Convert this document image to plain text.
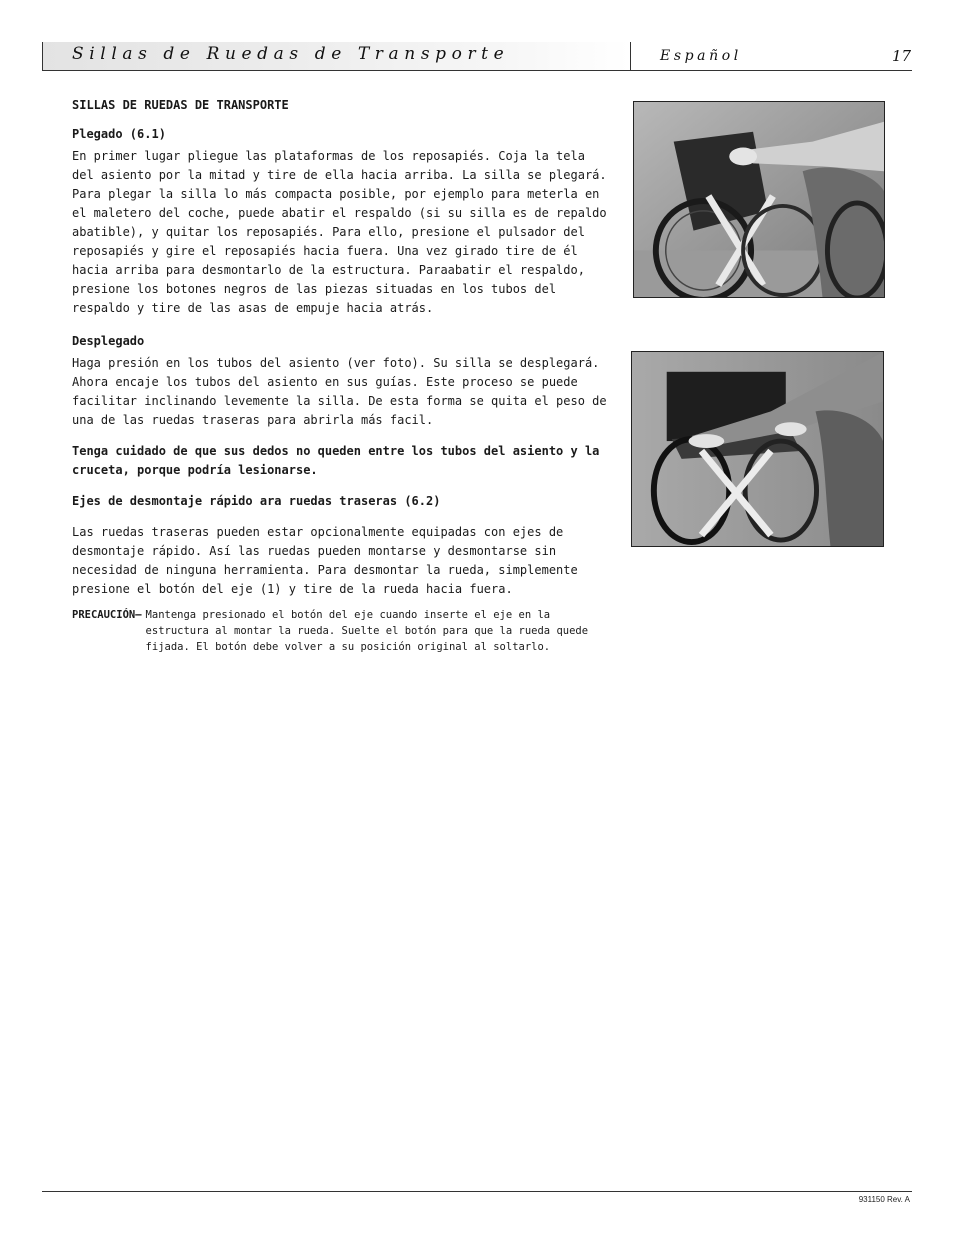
Sillas de Ruedas de Transporte	Español	17
SILLAS DE RUEDAS DE TRANSPORTE
Plegado (6.1)
En primer lugar pliegue las plataformas de los reposapiés. Coja la tela del asiento por la mitad y tire de ella hacia arriba. La silla se plegará. Para plegar la silla lo más compacta posible, por ejemplo para meterla en el maletero del coche, puede abatir el respaldo (si su silla es de repaldo abatible), y quitar los reposapiés. Para ello, presione el pulsador del reposapiés y gire el reposapiés hacia fuera. Una vez girado tire de él hacia arriba para desmontarlo de la estructura. Paraabatir el respaldo, presione los botones negros de las piezas situadas en los tubos del respaldo y tire de las asas de empuje hacia atrás.
Desplegado
Haga presión en los tubos del asiento (ver foto). Su silla se desplegará. Ahora encaje los tubos del asiento en sus guías. Este proceso se puede facilitar inclinando levemente la silla. De esta forma se quita el peso de una de las ruedas traseras para abrirla más facil.
Tenga cuidado de que sus dedos no queden entre los tubos del asiento y la cruceta, porque podría lesionarse.
Ejes de desmontaje rápido ara ruedas traseras (6.2)
Las ruedas traseras pueden estar opcionalmente equipadas con ejes de desmontaje rápido. Así las ruedas pueden montarse y desmontarse sin necesidad de ninguna herramienta. Para desmontar la rueda, simplemente presione el botón del eje (1) y tire de la rueda hacia fuera.
PRECAUCIÓN– Mantenga presionado el botón del eje cuando inserte el eje en la estructura al montar la rueda. Suelte el botón para que la rueda quede fijada. El botón debe volver a su posición original al soltarlo.
931150 Rev. A
